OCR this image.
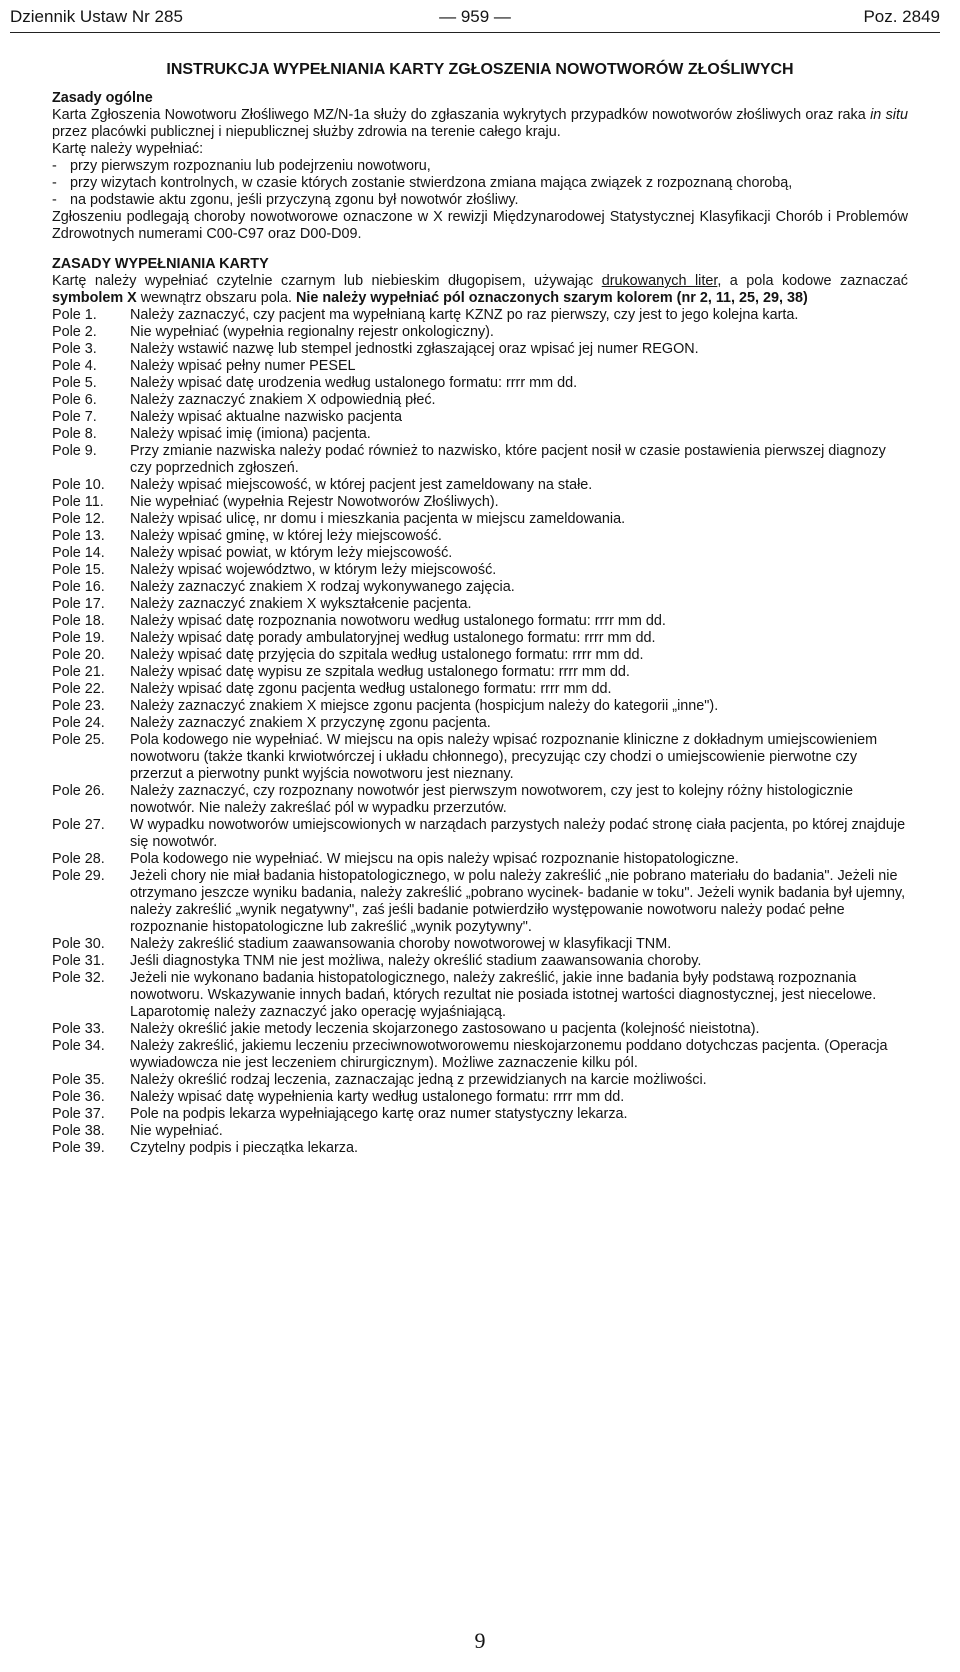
Dziennik Ustaw Nr 285	— 959 —	Poz. 2849
INSTRUKCJA WYPEŁNIANIA KARTY ZGŁOSZENIA NOWOTWORÓW ZŁOŚLIWYCH
Zasady ogólne

Karta Zgłoszenia Nowotworu Złośliwego MZ/N-1a służy do zgłaszania wykrytych przypadków nowotworów złośliwych oraz raka in situ przez placówki publicznej i niepublicznej służby zdrowia na terenie całego kraju.

Kartę należy wypełniać:

- przy pierwszym rozpoznaniu lub podejrzeniu nowotworu,
- przy wizytach kontrolnych, w czasie których zostanie stwierdzona zmiana mająca związek z rozpoznaną chorobą,
- na podstawie aktu zgonu, jeśli przyczyną zgonu był nowotwór złośliwy.

Zgłoszeniu podlegają choroby nowotworowe oznaczone w X rewizji Międzynarodowej Statystycznej Klasyfikacji Chorób i Problemów Zdrowotnych numerami C00-C97 oraz D00-D09.

ZASADY WYPEŁNIANIA KARTY

Kartę należy wypełniać czytelnie czarnym lub niebieskim długopisem, używając drukowanych liter, a pola kodowe zaznaczać symbolem X wewnątrz obszaru pola. Nie należy wypełniać pól oznaczonych szarym kolorem (nr 2, 11, 25, 29, 38)

Pole 1.	Należy zaznaczyć, czy pacjent ma wypełnianą kartę KZNZ po raz pierwszy, czy jest to jego kolejna karta.
Pole 2.	Nie wypełniać (wypełnia regionalny rejestr onkologiczny).
Pole 3.	Należy wstawić nazwę lub stempel jednostki zgłaszającej oraz wpisać jej numer REGON.
Pole 4.	Należy wpisać pełny numer PESEL
Pole 5.	Należy wpisać datę urodzenia według ustalonego formatu: rrrr mm dd.
Pole 6.	Należy zaznaczyć znakiem X odpowiednią płeć.
Pole 7.	Należy wpisać aktualne nazwisko pacjenta
Pole 8.	Należy wpisać imię (imiona) pacjenta.
Pole 9.	Przy zmianie nazwiska należy podać również to nazwisko, które pacjent nosił w czasie postawienia pierwszej diagnozy czy poprzednich zgłoszeń.
Pole 10.	Należy wpisać miejscowość, w której pacjent jest zameldowany na stałe.
Pole 11.	Nie wypełniać (wypełnia Rejestr Nowotworów Złośliwych).
Pole 12.	Należy wpisać ulicę, nr domu i mieszkania pacjenta w miejscu zameldowania.
Pole 13.	Należy wpisać gminę, w której leży miejscowość.
Pole 14.	Należy wpisać powiat, w którym leży miejscowość.
Pole 15.	Należy wpisać województwo, w którym leży miejscowość.
Pole 16.	Należy zaznaczyć znakiem X rodzaj wykonywanego zajęcia.
Pole 17.	Należy zaznaczyć znakiem X wykształcenie pacjenta.
Pole 18.	Należy wpisać datę rozpoznania nowotworu według ustalonego formatu: rrrr mm dd.
Pole 19.	Należy wpisać datę porady ambulatoryjnej według ustalonego formatu: rrrr mm dd.
Pole 20.	Należy wpisać datę przyjęcia do szpitala według ustalonego formatu: rrrr mm dd.
Pole 21.	Należy wpisać datę wypisu ze szpitala według ustalonego formatu: rrrr mm dd.
Pole 22.	Należy wpisać datę zgonu pacjenta według ustalonego formatu: rrrr mm dd.
Pole 23.	Należy zaznaczyć znakiem X miejsce zgonu pacjenta (hospicjum należy do kategorii „inne").
Pole 24.	Należy zaznaczyć znakiem X przyczynę zgonu pacjenta.
Pole 25.	Pola kodowego nie wypełniać. W miejscu na opis należy wpisać rozpoznanie kliniczne z dokładnym umiejscowieniem nowotworu (także tkanki krwiotwórczej i układu chłonnego), precyzując czy chodzi o umiejscowienie pierwotne czy przerzut a pierwotny punkt wyjścia nowotworu jest nieznany.
Pole 26.	Należy zaznaczyć, czy rozpoznany nowotwór jest pierwszym nowotworem, czy jest to kolejny różny histologicznie nowotwór. Nie należy zakreślać pól w wypadku przerzutów.
Pole 27.	W wypadku nowotworów umiejscowionych w narządach parzystych należy podać stronę ciała pacjenta, po której znajduje się nowotwór.
Pole 28.	Pola kodowego nie wypełniać. W miejscu na opis należy wpisać rozpoznanie histopatologiczne.
Pole 29.	Jeżeli chory nie miał badania histopatologicznego, w polu należy zakreślić „nie pobrano materiału do badania". Jeżeli nie otrzymano jeszcze wyniku badania, należy zakreślić „pobrano wycinek- badanie w toku". Jeżeli wynik badania był ujemny, należy zakreślić „wynik negatywny", zaś jeśli badanie potwierdziło występowanie nowotworu należy podać pełne rozpoznanie histopatologiczne lub zakreślić „wynik pozytywny".
Pole 30.	Należy zakreślić stadium zaawansowania choroby nowotworowej w klasyfikacji TNM.
Pole 31.	Jeśli diagnostyka TNM nie jest możliwa, należy określić stadium zaawansowania choroby.
Pole 32.	Jeżeli nie wykonano badania histopatologicznego, należy zakreślić, jakie inne badania były podstawą rozpoznania nowotworu. Wskazywanie innych badań, których rezultat nie posiada istotnej wartości diagnostycznej, jest niecelowe. Laparotomię należy zaznaczyć jako operację wyjaśniającą.
Pole 33.	Należy określić jakie metody leczenia skojarzonego zastosowano u pacjenta (kolejność nieistotna).
Pole 34.	Należy zakreślić, jakiemu leczeniu przeciwnowotworowemu nieskojarzonemu poddano dotychczas pacjenta. (Operacja wywiadowcza nie jest leczeniem chirurgicznym). Możliwe zaznaczenie kilku pól.
Pole 35.	Należy określić rodzaj leczenia, zaznaczając jedną z przewidzianych na karcie możliwości.
Pole 36.	Należy wpisać datę wypełnienia karty według ustalonego formatu: rrrr mm dd.
Pole 37.	Pole na podpis lekarza wypełniającego kartę oraz numer statystyczny lekarza.
Pole 38.	Nie wypełniać.
Pole 39.	Czytelny podpis i pieczątka lekarza.
9
